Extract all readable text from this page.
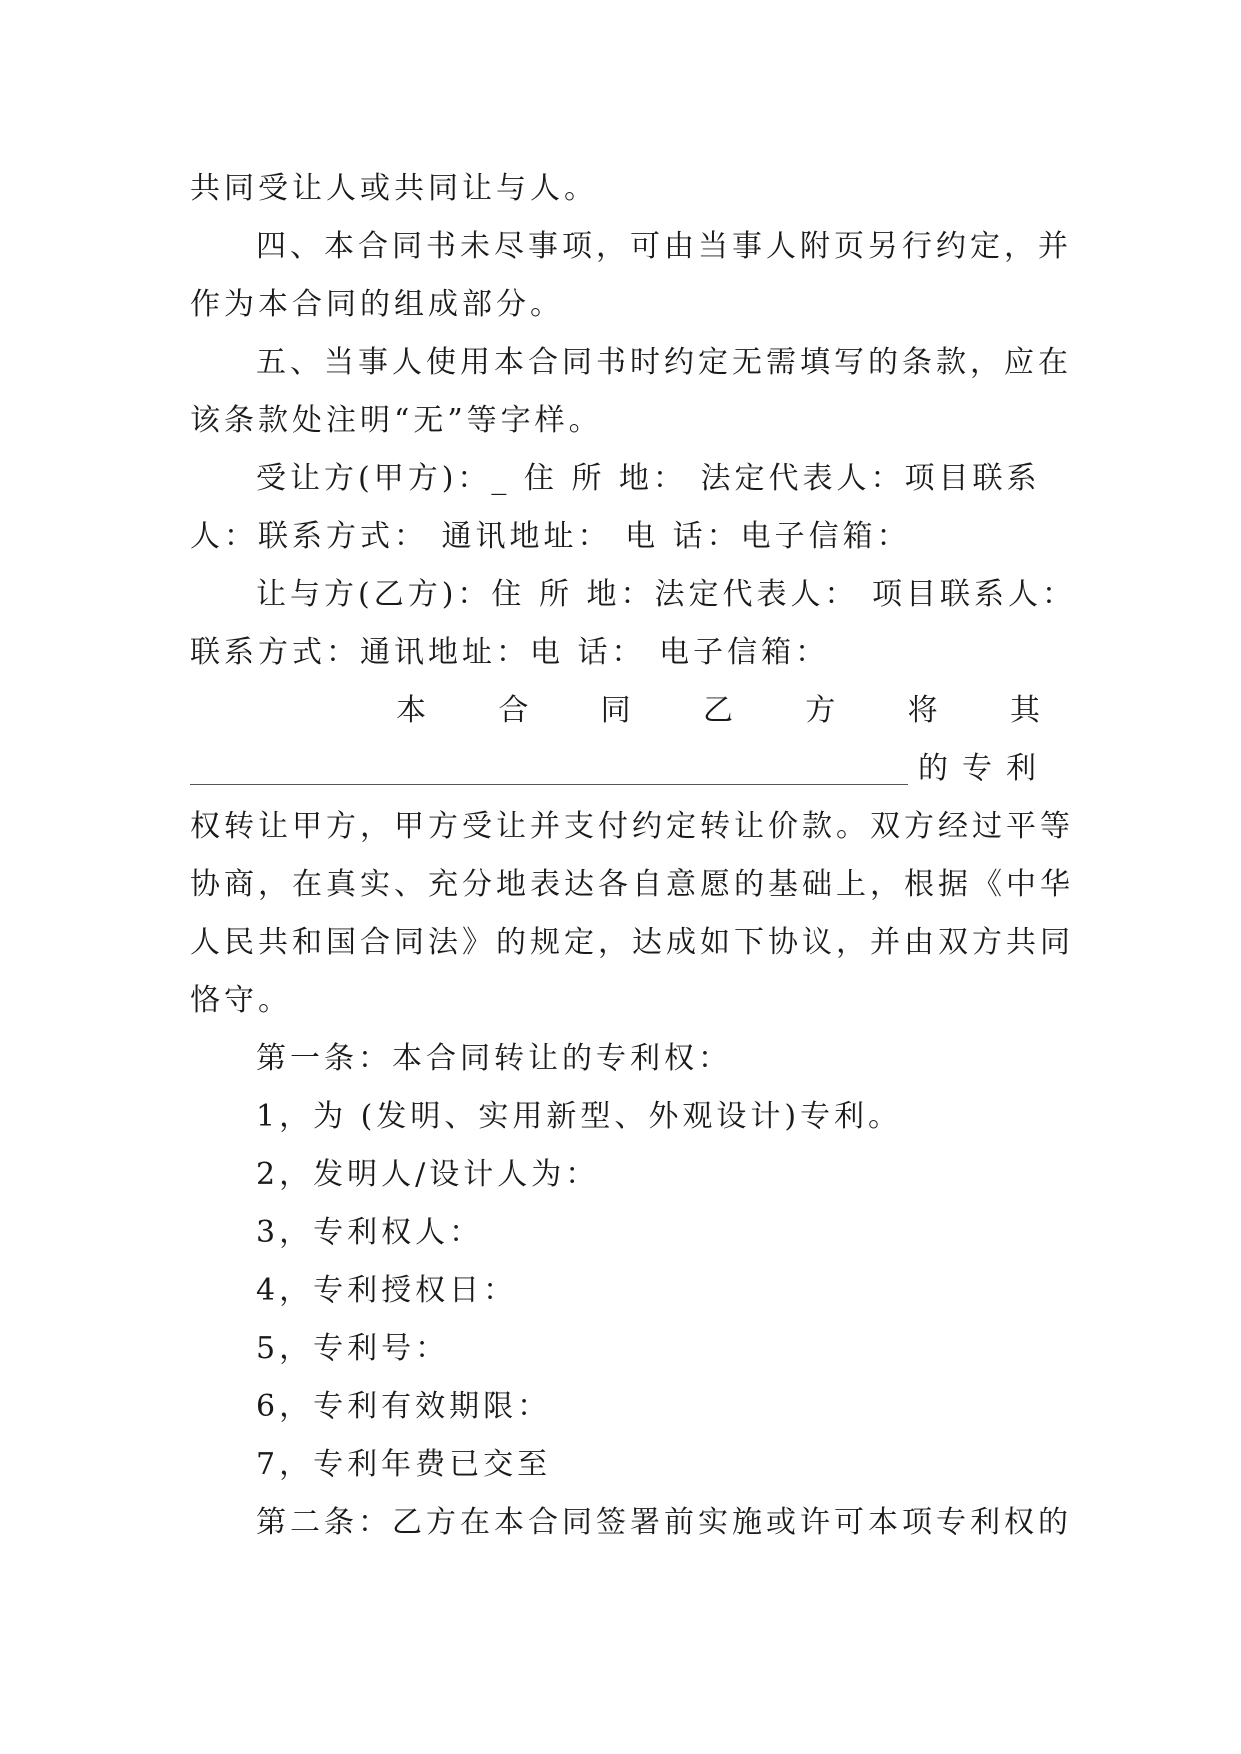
共同受让人或共同让与人。
四、本合同书未尽事项，可由当事人附页另行约定，并
作为本合同的组成部分。
五、当事人使用本合同书时约定无需填写的条款，应在
该条款处注明“无”等字样。
受让方(甲方)：_ 住 所 地： 法定代表人：项目联系
人：联系方式： 通讯地址： 电 话：电子信箱：
让与方(乙方)：住 所 地：法定代表人： 项目联系人：
联系方式：通讯地址：电 话： 电子信箱：
本 合 同 乙 方 将 其
的专利
权转让甲方，甲方受让并支付约定转让价款。双方经过平等
协商，在真实、充分地表达各自意愿的基础上，根据《中华
人民共和国合同法》的规定，达成如下协议，并由双方共同
恪守。
第一条：本合同转让的专利权：
1，为 (发明、实用新型、外观设计)专利。
2，发明人/设计人为：
3，专利权人：
4，专利授权日：
5，专利号：
6，专利有效期限：
7，专利年费已交至
第二条：乙方在本合同签署前实施或许可本项专利权的
